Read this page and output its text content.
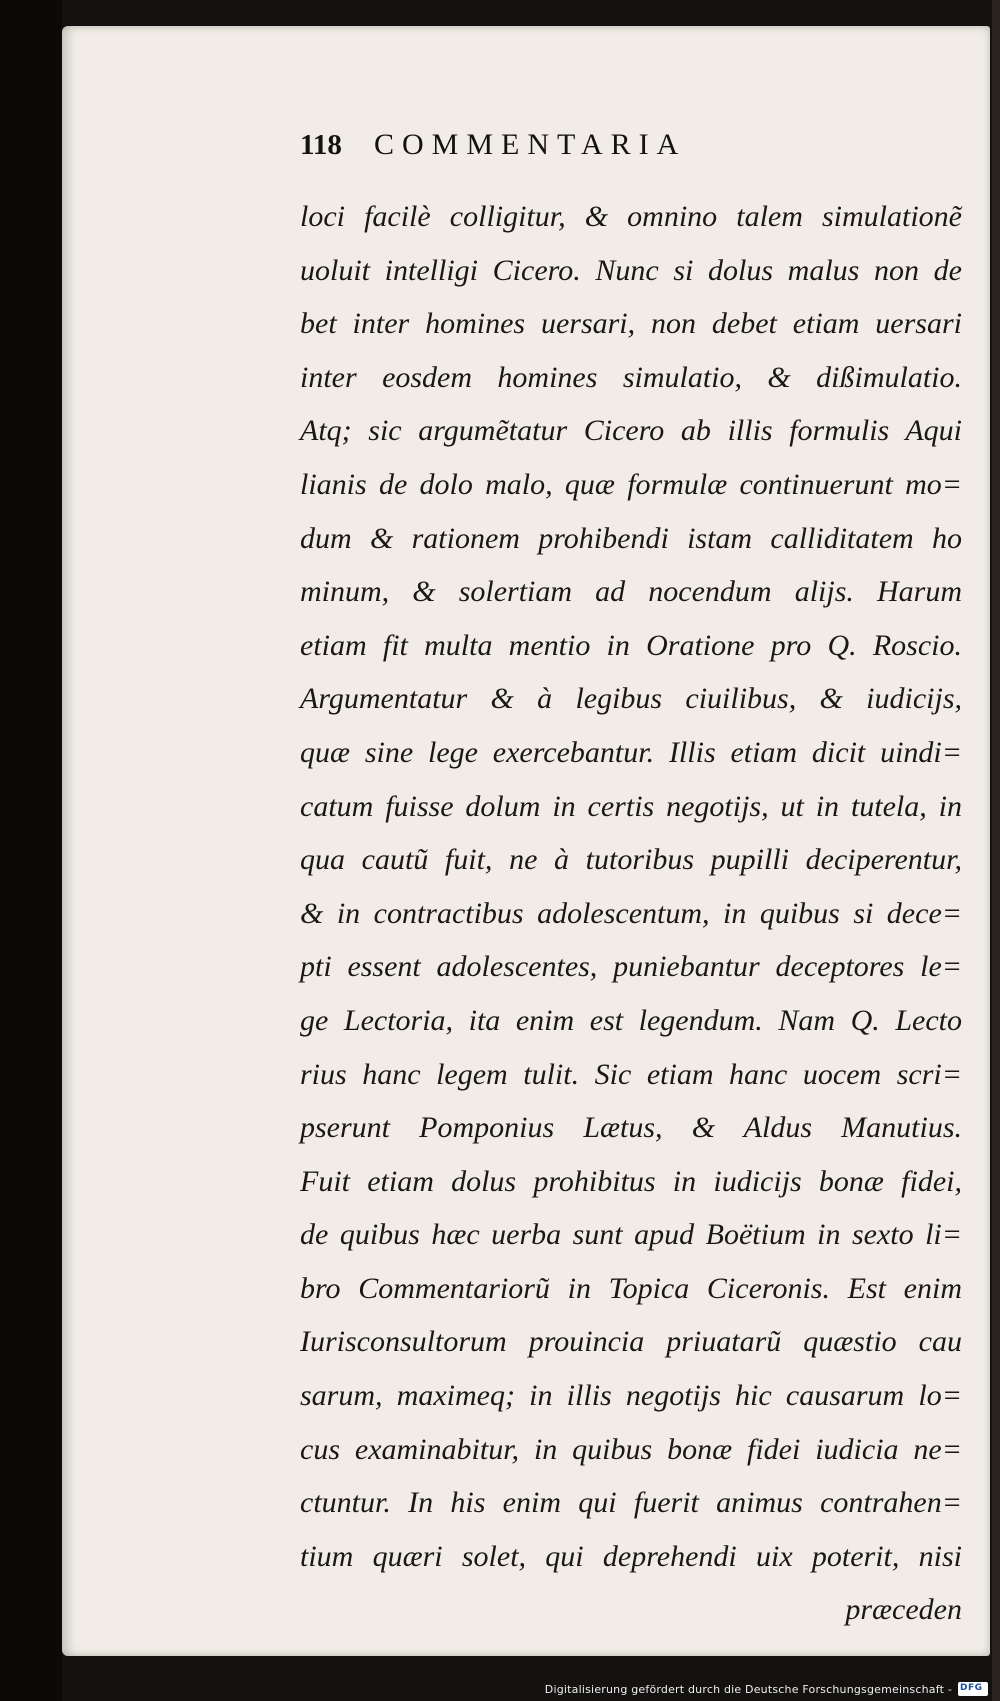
118	COMMENTARIA
loci facilè colligitur, & omnino talem simulationẽ
uoluit intelligi Cicero. Nunc si dolus malus non de
bet inter homines uersari, non debet etiam uersari
inter eosdem homines simulatio, & dißimulatio.
Atq; sic argumẽtatur Cicero ab illis formulis Aqui
lianis de dolo malo, quæ formulæ continuerunt mo=
dum & rationem prohibendi istam calliditatem ho
minum, & solertiam ad nocendum alijs. Harum
etiam fit multa mentio in Oratione pro Q. Roscio.
Argumentatur & à legibus ciuilibus, & iudicijs,
quæ sine lege exercebantur. Illis etiam dicit uindi=
catum fuisse dolum in certis negotijs, ut in tutela, in
qua cautũ fuit, ne à tutoribus pupilli deciperentur,
& in contractibus adolescentum, in quibus si dece=
pti essent adolescentes, puniebantur deceptores le=
ge Lectoria, ita enim est legendum. Nam Q. Lecto
rius hanc legem tulit. Sic etiam hanc uocem scri=
pserunt Pomponius Lætus, & Aldus Manutius.
Fuit etiam dolus prohibitus in iudicijs bonæ fidei,
de quibus hæc uerba sunt apud Boëtium in sexto li=
bro Commentariorũ in Topica Ciceronis. Est enim
Iurisconsultorum prouincia priuatarũ quæstio cau
sarum, maximeq; in illis negotijs hic causarum lo=
cus examinabitur, in quibus bonæ fidei iudicia ne=
ctuntur. In his enim qui fuerit animus contrahen=
tium quæri solet, qui deprehendi uix poterit, nisi
præceden
Digitalisierung gefördert durch die Deutsche Forschungsgemeinschaft - DFG
